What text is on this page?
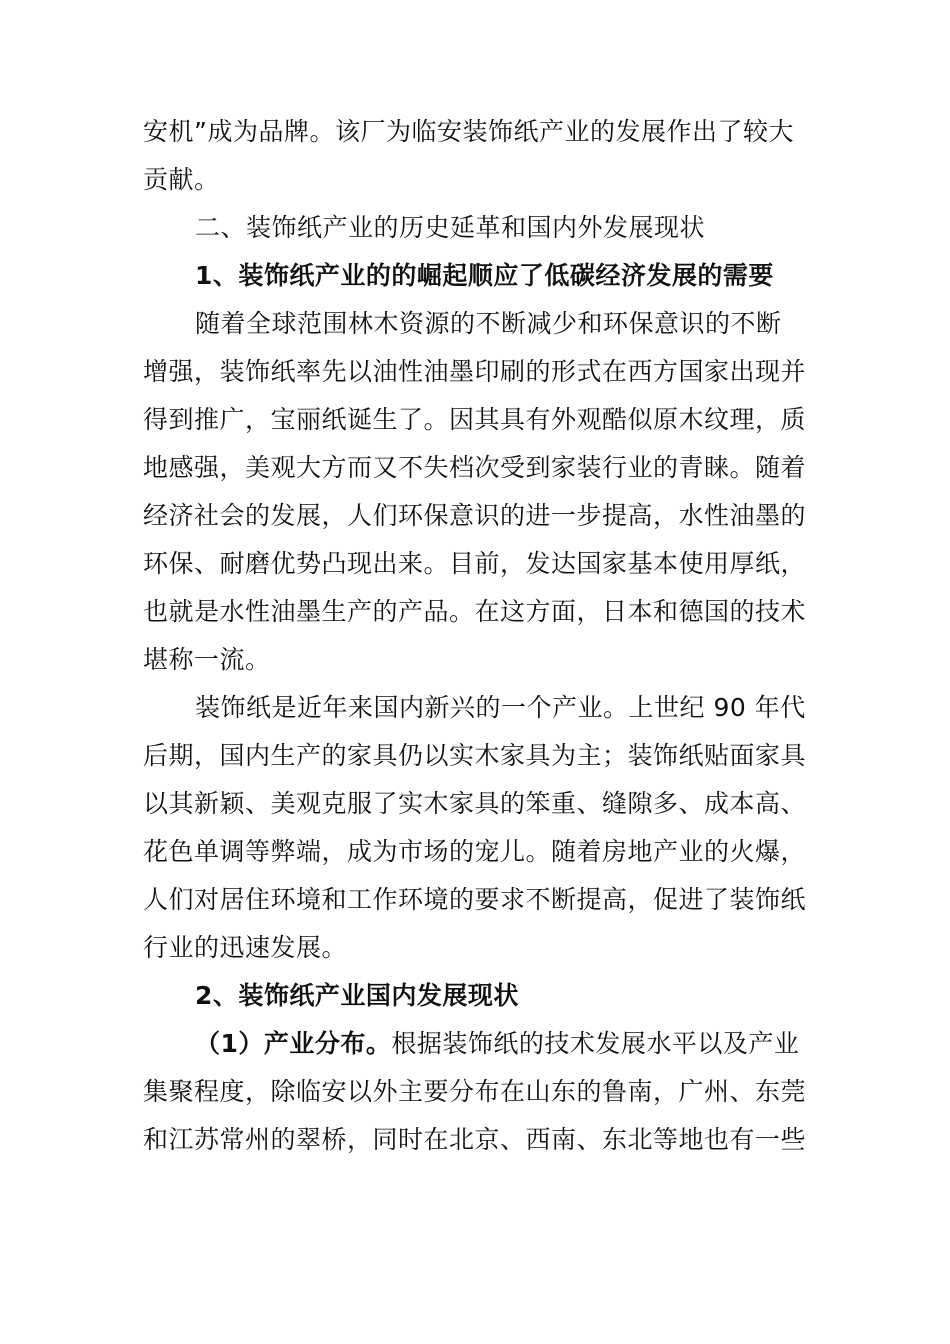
安机”成为品牌。该厂为临安装饰纸产业的发展作出了较大
贡献。
二、装饰纸产业的历史延革和国内外发展现状
1、装饰纸产业的的崛起顺应了低碳经济发展的需要
随着全球范围林木资源的不断减少和环保意识的不断
增强，装饰纸率先以油性油墨印刷的形式在西方国家出现并
得到推广，宝丽纸诞生了。因其具有外观酷似原木纹理，质
地感强，美观大方而又不失档次受到家装行业的青睐。随着
经济社会的发展，人们环保意识的进一步提高，水性油墨的
环保、耐磨优势凸现出来。目前，发达国家基本使用厚纸，
也就是水性油墨生产的产品。在这方面，日本和德国的技术
堪称一流。
装饰纸是近年来国内新兴的一个产业。上世纪 90 年代
后期，国内生产的家具仍以实木家具为主；装饰纸贴面家具
以其新颖、美观克服了实木家具的笨重、缝隙多、成本高、
花色单调等弊端，成为市场的宠儿。随着房地产业的火爆，
人们对居住环境和工作环境的要求不断提高，促进了装饰纸
行业的迅速发展。
2、装饰纸产业国内发展现状
（1）产业分布。根据装饰纸的技术发展水平以及产业
集聚程度，除临安以外主要分布在山东的鲁南，广州、东莞
和江苏常州的翠桥，同时在北京、西南、东北等地也有一些
